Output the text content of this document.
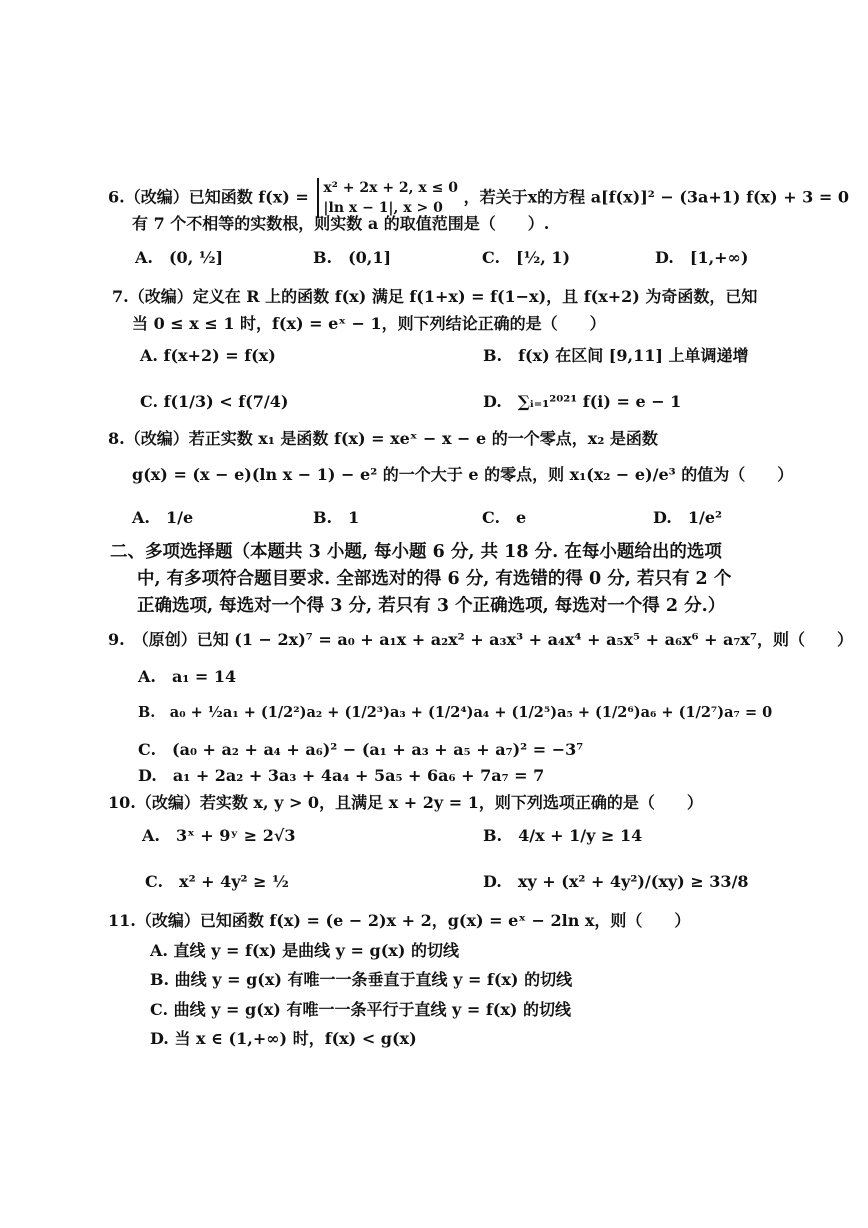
6.（改编）已知函数 f(x) = x² + 2x + 2, x ≤ 0
|ln x − 1|, x > 0
，若关于x的方程 a[f(x)]² − (3a+1) f(x) + 3 = 0
有 7 个不相等的实数根，则实数 a 的取值范围是（　　）.
A.　(0, ½]	B.　(0,1]	C.　[½, 1)	D.　[1,+∞)
7.（改编）定义在 R 上的函数 f(x) 满足 f(1+x) = f(1−x)，且 f(x+2) 为奇函数，已知
当 0 ≤ x ≤ 1 时，f(x) = eˣ − 1，则下列结论正确的是（　　）
A. f(x+2) = f(x)	B.　f(x) 在区间 [9,11] 上单调递增
C. f(1/3) < f(7/4)	D.　∑ᵢ₌₁²⁰²¹ f(i) = e − 1
8.（改编）若正实数 x₁ 是函数 f(x) = xeˣ − x − e 的一个零点，x₂ 是函数
g(x) = (x − e)(ln x − 1) − e² 的一个大于 e 的零点，则 x₁(x₂ − e)/e³ 的值为（　　）
A.　1/e	B.　1	C.　e	D.　1/e²
二、多项选择题（本题共 3 小题, 每小题 6 分, 共 18 分. 在每小题给出的选项
中, 有多项符合题目要求. 全部选对的得 6 分, 有选错的得 0 分, 若只有 2 个
正确选项, 每选对一个得 3 分, 若只有 3 个正确选项, 每选对一个得 2 分.）
9.　（原创）已知 (1 − 2x)⁷ = a₀ + a₁x + a₂x² + a₃x³ + a₄x⁴ + a₅x⁵ + a₆x⁶ + a₇x⁷，则（　　）
A.　a₁ = 14
B.　a₀ + ½a₁ + (1/2²)a₂ + (1/2³)a₃ + (1/2⁴)a₄ + (1/2⁵)a₅ + (1/2⁶)a₆ + (1/2⁷)a₇ = 0
C.　(a₀ + a₂ + a₄ + a₆)² − (a₁ + a₃ + a₅ + a₇)² = −3⁷
D.　a₁ + 2a₂ + 3a₃ + 4a₄ + 5a₅ + 6a₆ + 7a₇ = 7
10.（改编）若实数 x, y > 0，且满足 x + 2y = 1，则下列选项正确的是（　　）
A.　3ˣ + 9ʸ ≥ 2√3	B.　4/x + 1/y ≥ 14
C.　x² + 4y² ≥ ½	D.　xy + (x² + 4y²)/(xy) ≥ 33/8
11.（改编）已知函数 f(x) = (e − 2)x + 2，g(x) = eˣ − 2ln x，则（　　）
A. 直线 y = f(x) 是曲线 y = g(x) 的切线
B. 曲线 y = g(x) 有唯一一条垂直于直线 y = f(x) 的切线
C. 曲线 y = g(x) 有唯一一条平行于直线 y = f(x) 的切线
D. 当 x ∈ (1,+∞) 时，f(x) < g(x)
